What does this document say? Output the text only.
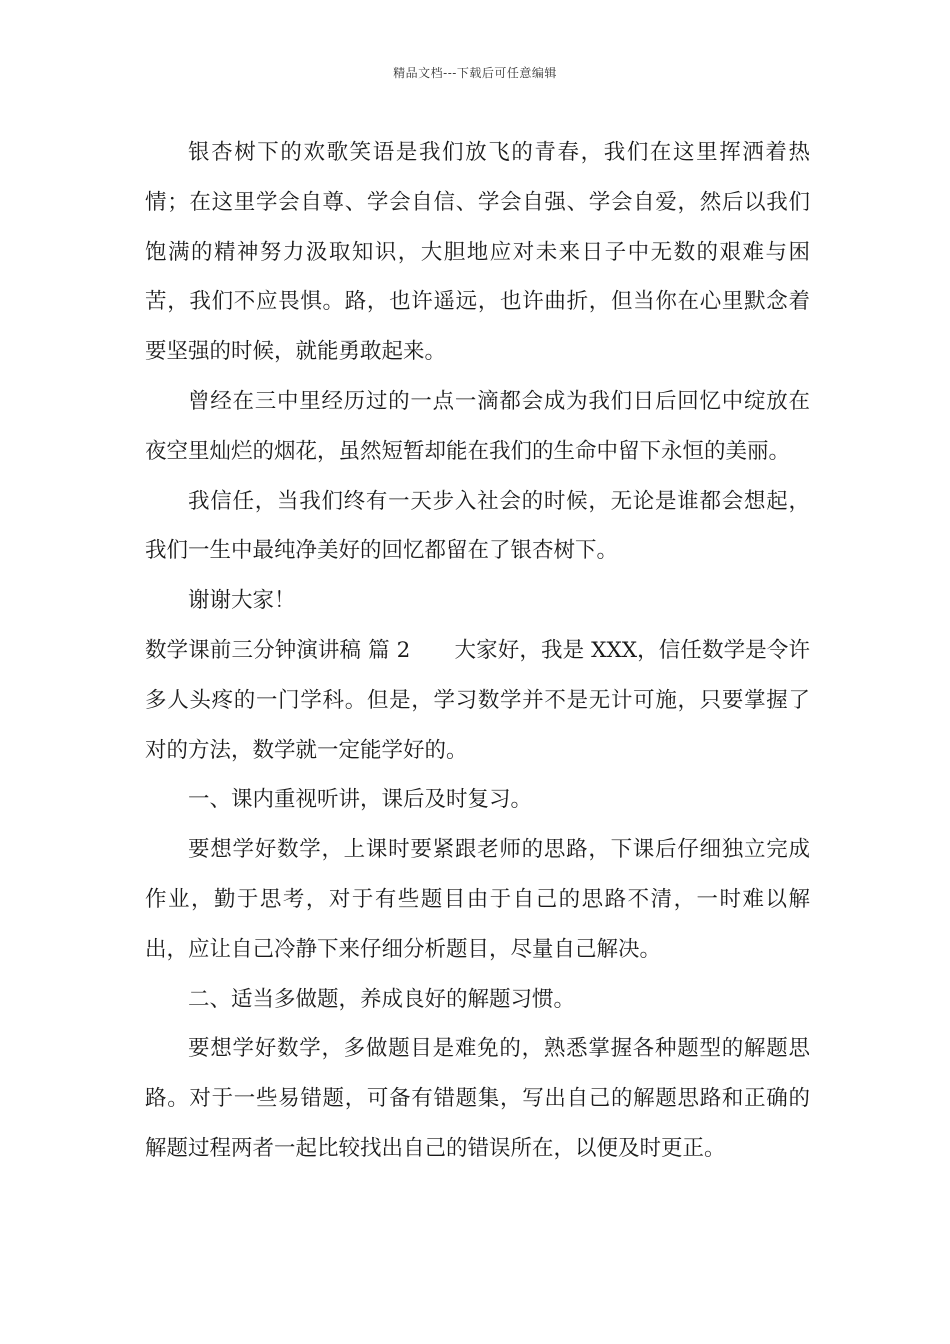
精品文档---下载后可任意编辑

银杏树下的欢歌笑语是我们放飞的青春，我们在这里挥洒着热情；在这里学会自尊、学会自信、学会自强、学会自爱，然后以我们饱满的精神努力汲取知识，大胆地应对未来日子中无数的艰难与困苦，我们不应畏惧。路，也许遥远，也许曲折，但当你在心里默念着要坚强的时候，就能勇敢起来。

曾经在三中里经历过的一点一滴都会成为我们日后回忆中绽放在夜空里灿烂的烟花，虽然短暂却能在我们的生命中留下永恒的美丽。

我信任，当我们终有一天步入社会的时候，无论是谁都会想起，我们一生中最纯净美好的回忆都留在了银杏树下。

谢谢大家！

数学课前三分钟演讲稿 篇 2 大家好，我是 XXX，信任数学是令许多人头疼的一门学科。但是，学习数学并不是无计可施，只要掌握了对的方法，数学就一定能学好的。

一、课内重视听讲，课后及时复习。

要想学好数学，上课时要紧跟老师的思路，下课后仔细独立完成作业，勤于思考，对于有些题目由于自己的思路不清，一时难以解出，应让自己冷静下来仔细分析题目，尽量自己解决。

二、适当多做题，养成良好的解题习惯。

要想学好数学，多做题目是难免的，熟悉掌握各种题型的解题思路。对于一些易错题，可备有错题集，写出自己的解题思路和正确的解题过程两者一起比较找出自己的错误所在，以便及时更正。
